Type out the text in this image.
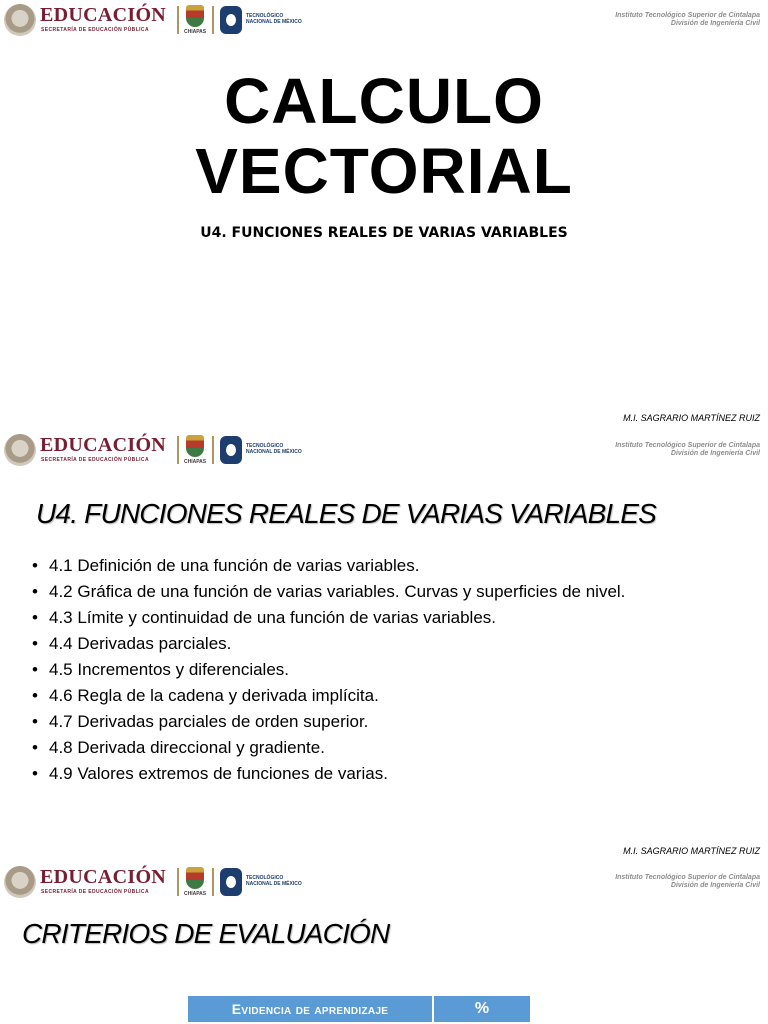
EDUCACIÓN
SECRETARÍA DE EDUCACIÓN PÚBLICA	CHIAPAS
TECNOLÓGICO
NACIONAL DE MÉXICO
Instituto Tecnológico Superior de Cintalapa
División de Ingeniería Civil
CALCULO
VECTORIAL
U4. FUNCIONES REALES DE VARIAS VARIABLES
M.I. SAGRARIO MARTÍNEZ RUIZ
EDUCACIÓN
SECRETARÍA DE EDUCACIÓN PÚBLICA	CHIAPAS
TECNOLÓGICO
NACIONAL DE MÉXICO
Instituto Tecnológico Superior de Cintalapa
División de Ingeniería Civil
U4. FUNCIONES REALES DE VARIAS VARIABLES
• 4.1 Definición de una función de varias variables.
• 4.2 Gráfica de una función de varias variables. Curvas y superficies de nivel.
• 4.3 Límite y continuidad de una función de varias variables.
• 4.4 Derivadas parciales.
• 4.5 Incrementos y diferenciales.
• 4.6 Regla de la cadena y derivada implícita.
• 4.7 Derivadas parciales de orden superior.
• 4.8 Derivada direccional y gradiente.
• 4.9 Valores extremos de funciones de varias.
M.I. SAGRARIO MARTÍNEZ RUIZ
EDUCACIÓN
SECRETARÍA DE EDUCACIÓN PÚBLICA	CHIAPAS
TECNOLÓGICO
NACIONAL DE MÉXICO
Instituto Tecnológico Superior de Cintalapa
División de Ingeniería Civil
CRITERIOS DE EVALUACIÓN
Evidencia de aprendizaje	%
